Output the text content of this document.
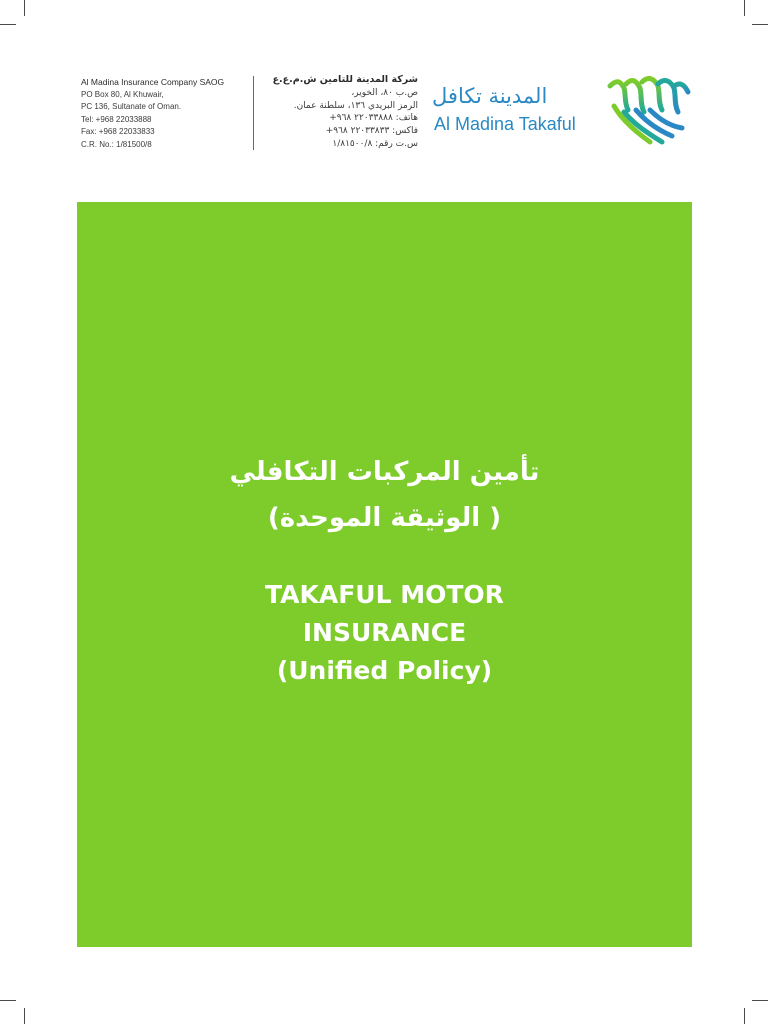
Al Madina Insurance Company SAOG
PO Box 80, Al Khuwair,
PC 136, Sultanate of Oman.
Tel: +968 22033888
Fax: +968 22033833
C.R. No.: 1/81500/8
شركة المدينة للتامين ش.م.ع.ع
ص.ب ٨٠، الخوير،
الرمز البريدي ١٣٦، سلطنة عمان.
هاتف: ٢٢٠٣٣٨٨٨ ٩٦٨+
فاكس: ٢٢٠٣٣٨٣٣ ٩٦٨+
س.ت رقم: ١/٨١٥٠٠/٨
المدينة تكافل
Al Madina Takaful
تأمين المركبات التكافلي
( الوثيقة الموحدة)
TAKAFUL MOTOR
INSURANCE
(Unified Policy)
